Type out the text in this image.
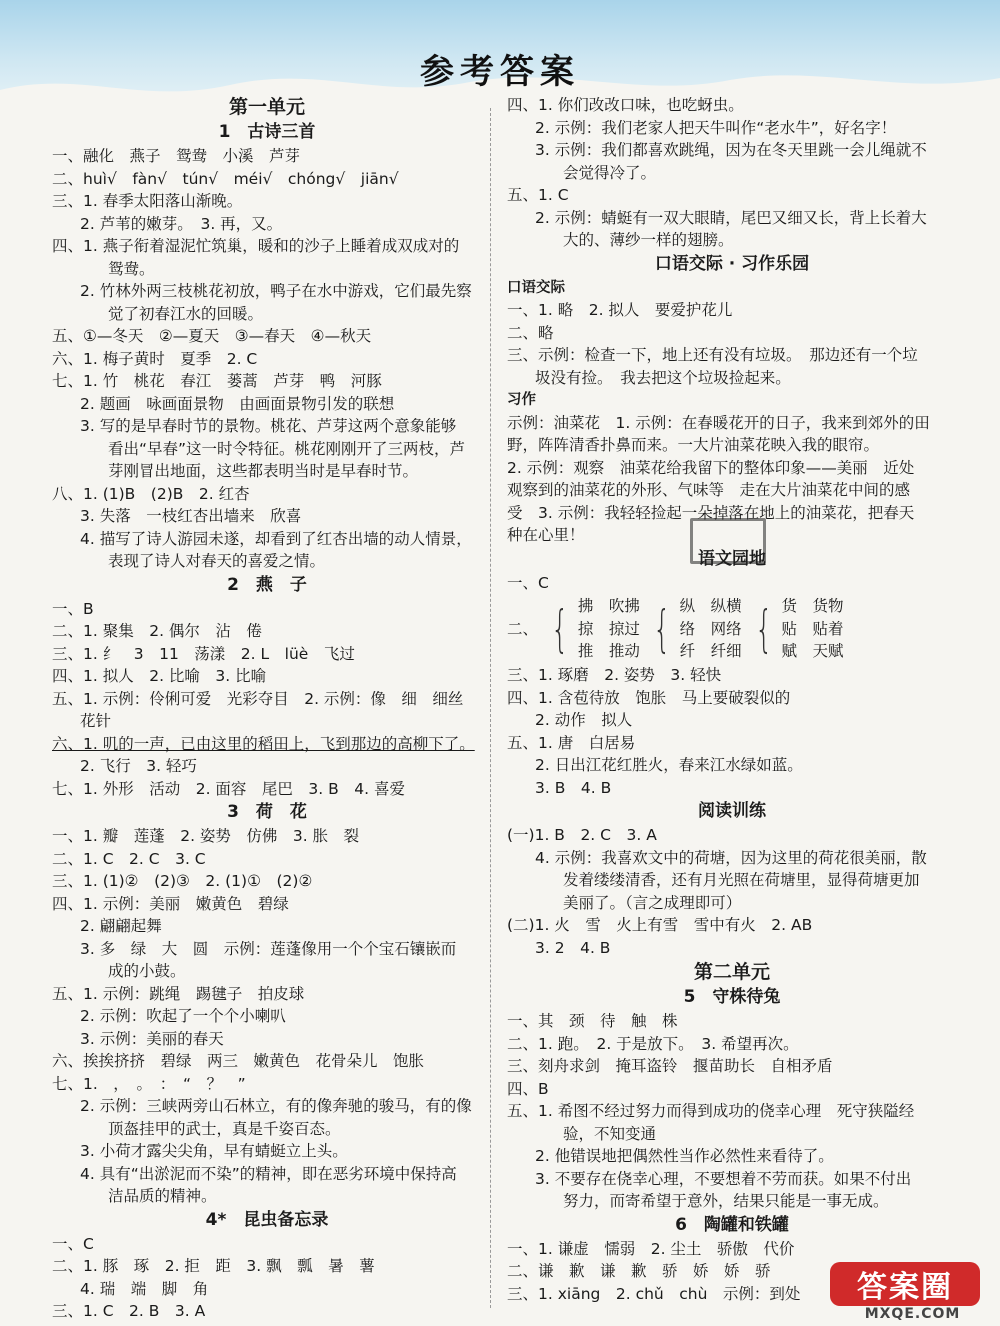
参考答案
第一单元
1　古诗三首
一、融化　燕子　鸳鸯　小溪　芦芽
二、huì√　fàn√　tún√　méi√　chóng√　jiān√
三、1. 春季太阳落山渐晚。
2. 芦苇的嫩芽。　3. 再，又。
四、1. 燕子衔着湿泥忙筑巢，暖和的沙子上睡着成双成对的
鸳鸯。
2. 竹林外两三枝桃花初放，鸭子在水中游戏，它们最先察
觉了初春江水的回暖。
五、①—冬天　②—夏天　③—春天　④—秋天
六、1. 梅子黄时　夏季　2. C
七、1. 竹　桃花　春江　蒌蒿　芦芽　鸭　河豚
2. 题画　咏画面景物　由画面景物引发的联想
3. 写的是早春时节的景物。桃花、芦芽这两个意象能够
看出“早春”这一时令特征。桃花刚刚开了三两枝，芦
芽刚冒出地面，这些都表明当时是早春时节。
八、1. (1)B　(2)B　2. 红杏
3. 失落　一枝红杏出墙来　欣喜
4. 描写了诗人游园未遂，却看到了红杏出墙的动人情景，
表现了诗人对春天的喜爱之情。
2　燕　子
一、B
二、1. 聚集　2. 偶尔　沾　倦
三、1. 纟　3　11　荡漾　2. L　lüè　飞过
四、1. 拟人　2. 比喻　3. 比喻
五、1. 示例：伶俐可爱　光彩夺目　2. 示例：像　细　细丝
花针
六、1. 叽的一声，已由这里的稻田上，飞到那边的高柳下了。
2. 飞行　3. 轻巧
七、1. 外形　活动　2. 面容　尾巴　3. B　4. 喜爱
3　荷　花
一、1. 瓣　莲蓬　2. 姿势　仿佛　3. 胀　裂
二、1. C　2. C　3. C
三、1. (1)②　(2)③　2. (1)①　(2)②
四、1. 示例：美丽　嫩黄色　碧绿
2. 翩翩起舞
3. 多　绿　大　圆　示例：莲蓬像用一个个宝石镶嵌而
成的小鼓。
五、1. 示例：跳绳　踢毽子　拍皮球
2. 示例：吹起了一个个小喇叭
3. 示例：美丽的春天
六、挨挨挤挤　碧绿　两三　嫩黄色　花骨朵儿　饱胀
七、1.　，　。　：　“　？　”
2. 示例：三峡两旁山石林立，有的像奔驰的骏马，有的像
顶盔挂甲的武士，真是千姿百态。
3. 小荷才露尖尖角，早有蜻蜓立上头。
4. 具有“出淤泥而不染”的精神，即在恶劣环境中保持高
洁品质的精神。
4*　昆虫备忘录
一、C
二、1. 豚　琢　2. 拒　距　3. 飘　瓢　暑　薯
4. 瑞　端　脚　角
三、1. C　2. B　3. A
四、1. 你们改改口味，也吃蚜虫。
2. 示例：我们老家人把天牛叫作“老水牛”，好名字！
3. 示例：我们都喜欢跳绳，因为在冬天里跳一会儿绳就不
会觉得冷了。
五、1. C
2. 示例：蜻蜓有一双大眼睛，尾巴又细又长，背上长着大
大的、薄纱一样的翅膀。
口语交际 · 习作乐园
口语交际
一、1. 略　2. 拟人　要爱护花儿
二、略
三、示例：检查一下，地上还有没有垃圾。　那边还有一个垃
圾没有捡。　我去把这个垃圾捡起来。
习作
示例：油菜花　1. 示例：在春暖花开的日子，我来到郊外的田
野，阵阵清香扑鼻而来。一大片油菜花映入我的眼帘。
2. 示例：观察　油菜花给我留下的整体印象——美丽　近处
观察到的油菜花的外形、气味等　走在大片油菜花中间的感
受　3. 示例：我轻轻捡起一朵掉落在地上的油菜花，把春天
种在心里！
语文园地
一、C
二、 { 拂　吹拂
掠　掠过
推　推动 { 纵　纵横
络　网络
纤　纤细 { 货　货物
贴　贴着
赋　天赋
三、1. 琢磨　2. 姿势　3. 轻快
四、1. 含苞待放　饱胀　马上要破裂似的
2. 动作　拟人
五、1. 唐　白居易
2. 日出江花红胜火，春来江水绿如蓝。
3. B　4. B
阅读训练
(一)1. B　2. C　3. A
4. 示例：我喜欢文中的荷塘，因为这里的荷花很美丽，散
发着缕缕清香，还有月光照在荷塘里，显得荷塘更加
美丽了。（言之成理即可）
(二)1. 火　雪　火上有雪　雪中有火　2. AB
3. 2　4. B
第二单元
5　守株待兔
一、其　颈　待　触　株
二、1. 跑。　2. 于是放下。　3. 希望再次。
三、刻舟求剑　掩耳盗铃　揠苗助长　自相矛盾
四、B
五、1. 希图不经过努力而得到成功的侥幸心理　死守狭隘经
验，不知变通
2. 他错误地把偶然性当作必然性来看待了。
3. 不要存在侥幸心理，不要想着不劳而获。如果不付出
努力，而寄希望于意外，结果只能是一事无成。
6　陶罐和铁罐
一、1. 谦虚　懦弱　2. 尘土　骄傲　代价
二、谦　歉　谦　歉　骄　娇　娇　骄
三、1. xiāng　2. chǔ　chù　示例：到处	答案圈
MXQE.COM
